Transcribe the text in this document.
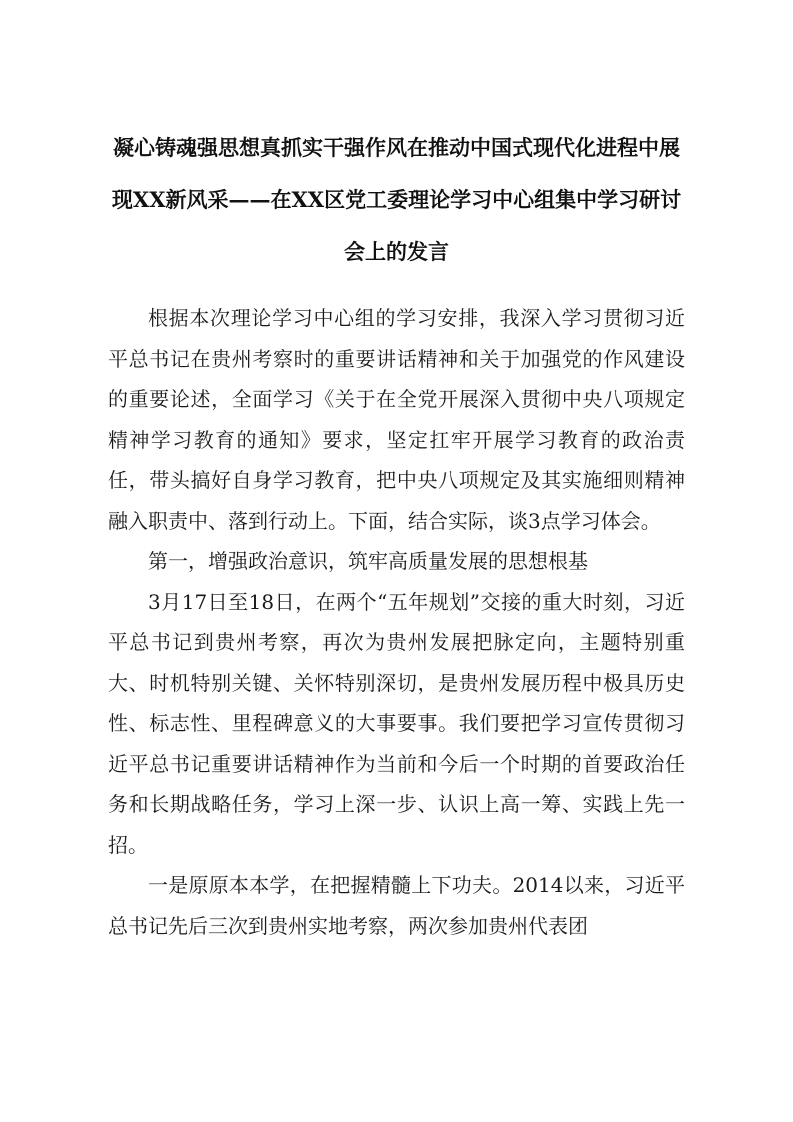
凝心铸魂强思想真抓实干强作风在推动中国式现代化进程中展现XX新风采——在XX区党工委理论学习中心组集中学习研讨会上的发言

根据本次理论学习中心组的学习安排，我深入学习贯彻习近平总书记在贵州考察时的重要讲话精神和关于加强党的作风建设的重要论述，全面学习《关于在全党开展深入贯彻中央八项规定精神学习教育的通知》要求，坚定扛牢开展学习教育的政治责任，带头搞好自身学习教育，把中央八项规定及其实施细则精神融入职责中、落到行动上。下面，结合实际，谈3点学习体会。

第一，增强政治意识，筑牢高质量发展的思想根基

3月17日至18日，在两个“五年规划”交接的重大时刻，习近平总书记到贵州考察，再次为贵州发展把脉定向，主题特别重大、时机特别关键、关怀特别深切，是贵州发展历程中极具历史性、标志性、里程碑意义的大事要事。我们要把学习宣传贯彻习近平总书记重要讲话精神作为当前和今后一个时期的首要政治任务和长期战略任务，学习上深一步、认识上高一筹、实践上先一招。

一是原原本本学，在把握精髓上下功夫。2014以来，习近平总书记先后三次到贵州实地考察，两次参加贵州代表团
